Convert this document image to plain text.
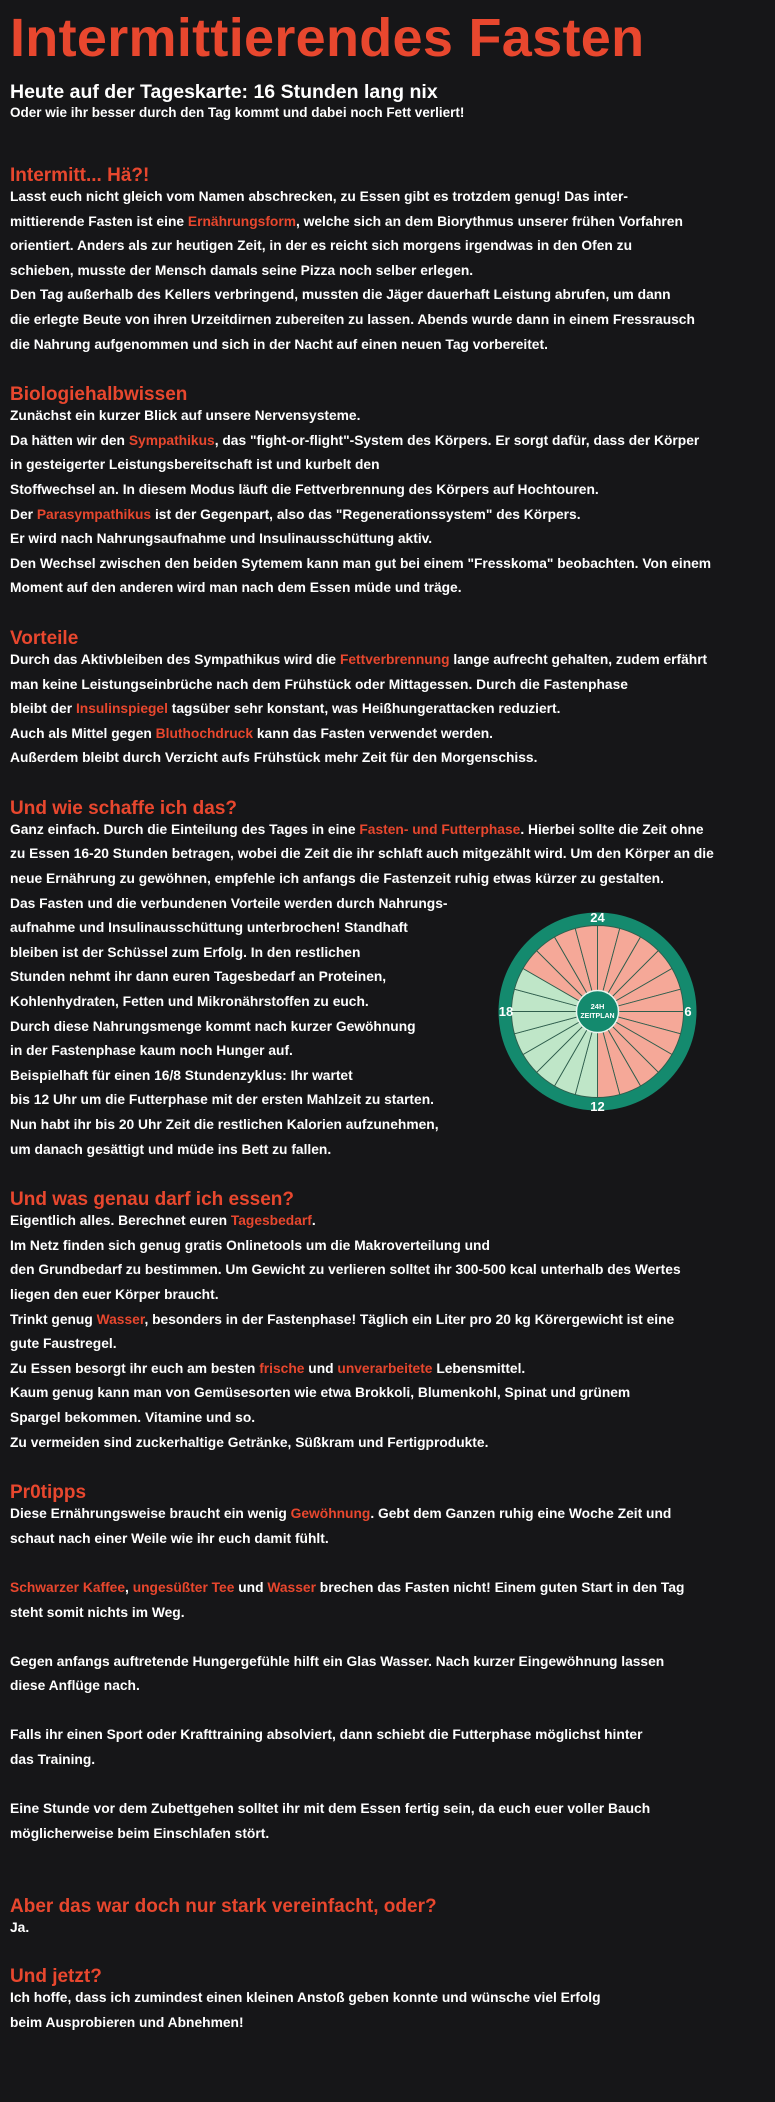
Intermittierendes Fasten
Heute auf der Tageskarte: 16 Stunden lang nix
Oder wie ihr besser durch den Tag kommt und dabei noch Fett verliert!
Intermitt... Hä?!
Lasst euch nicht gleich vom Namen abschrecken, zu Essen gibt es trotzdem genug! Das inter-
mittierende Fasten ist eine Ernährungsform, welche sich an dem Biorythmus unserer frühen Vorfahren
orientiert. Anders als zur heutigen Zeit, in der es reicht sich morgens irgendwas in den Ofen zu
schieben, musste der Mensch damals seine Pizza noch selber erlegen.
Den Tag außerhalb des Kellers verbringend, mussten die Jäger dauerhaft Leistung abrufen, um dann
die erlegte Beute von ihren Urzeitdirnen zubereiten zu lassen. Abends wurde dann in einem Fressrausch
die Nahrung aufgenommen und sich in der Nacht auf einen neuen Tag vorbereitet.
Biologiehalbwissen
Zunächst ein kurzer Blick auf unsere Nervensysteme.
Da hätten wir den Sympathikus, das "fight-or-flight"-System des Körpers. Er sorgt dafür, dass der Körper
in gesteigerter Leistungsbereitschaft ist und kurbelt den
Stoffwechsel an. In diesem Modus läuft die Fettverbrennung des Körpers auf Hochtouren.
Der Parasympathikus ist der Gegenpart, also das "Regenerationssystem" des Körpers.
Er wird nach Nahrungsaufnahme und Insulinausschüttung aktiv.
Den Wechsel zwischen den beiden Sytemem kann man gut bei einem "Fresskoma" beobachten. Von einem
Moment auf den anderen wird man nach dem Essen müde und träge.
Vorteile
Durch das Aktivbleiben des Sympathikus wird die Fettverbrennung lange aufrecht gehalten, zudem erfährt
man keine Leistungseinbrüche nach dem Frühstück oder Mittagessen. Durch die Fastenphase
bleibt der Insulinspiegel tagsüber sehr konstant, was Heißhungerattacken reduziert.
Auch als Mittel gegen Bluthochdruck kann das Fasten verwendet werden.
Außerdem bleibt durch Verzicht aufs Frühstück mehr Zeit für den Morgenschiss.
Und wie schaffe ich das?
Ganz einfach. Durch die Einteilung des Tages in eine Fasten- und Futterphase. Hierbei sollte die Zeit ohne
zu Essen 16-20 Stunden betragen, wobei die Zeit die ihr schlaft auch mitgezählt wird. Um den Körper an die
neue Ernährung zu gewöhnen, empfehle ich anfangs die Fastenzeit ruhig etwas kürzer zu gestalten.
Das Fasten und die verbundenen Vorteile werden durch Nahrungs-
aufnahme und Insulinausschüttung unterbrochen! Standhaft
bleiben ist der Schüssel zum Erfolg. In den restlichen
Stunden nehmt ihr dann euren Tagesbedarf an Proteinen,
Kohlenhydraten, Fetten und Mikronährstoffen zu euch.
Durch diese Nahrungsmenge kommt nach kurzer Gewöhnung
in der Fastenphase kaum noch Hunger auf.
Beispielhaft für einen 16/8 Stundenzyklus: Ihr wartet
bis 12 Uhr um die Futterphase mit der ersten Mahlzeit zu starten.
Nun habt ihr bis 20 Uhr Zeit die restlichen Kalorien aufzunehmen,
um danach gesättigt und müde ins Bett zu fallen.
Und was genau darf ich essen?
Eigentlich alles. Berechnet euren Tagesbedarf.
Im Netz finden sich genug gratis Onlinetools um die Makroverteilung und
den Grundbedarf zu bestimmen. Um Gewicht zu verlieren solltet ihr 300-500 kcal unterhalb des Wertes
liegen den euer Körper braucht.
Trinkt genug Wasser, besonders in der Fastenphase! Täglich ein Liter pro 20 kg Körergewicht ist eine
gute Faustregel.
Zu Essen besorgt ihr euch am besten frische und unverarbeitete Lebensmittel.
Kaum genug kann man von Gemüsesorten wie etwa Brokkoli, Blumenkohl, Spinat und grünem
Spargel bekommen. Vitamine und so.
Zu vermeiden sind zuckerhaltige Getränke, Süßkram und Fertigprodukte.
Pr0tipps
Diese Ernährungsweise braucht ein wenig Gewöhnung. Gebt dem Ganzen ruhig eine Woche Zeit und
schaut nach einer Weile wie ihr euch damit fühlt.
Schwarzer Kaffee, ungesüßter Tee und Wasser brechen das Fasten nicht! Einem guten Start in den Tag
steht somit nichts im Weg.
Gegen anfangs auftretende Hungergefühle hilft ein Glas Wasser. Nach kurzer Eingewöhnung lassen
diese Anflüge nach.
Falls ihr einen Sport oder Krafttraining absolviert, dann schiebt die Futterphase möglichst hinter
das Training.
Eine Stunde vor dem Zubettgehen solltet ihr mit dem Essen fertig sein, da euch euer voller Bauch
möglicherweise beim Einschlafen stört.
Aber das war doch nur stark vereinfacht, oder?
Ja.
Und jetzt?
Ich hoffe, dass ich zumindest einen kleinen Anstoß geben konnte und wünsche viel Erfolg
beim Ausprobieren und Abnehmen!
24H
ZEITPLAN
24
6
12
18
